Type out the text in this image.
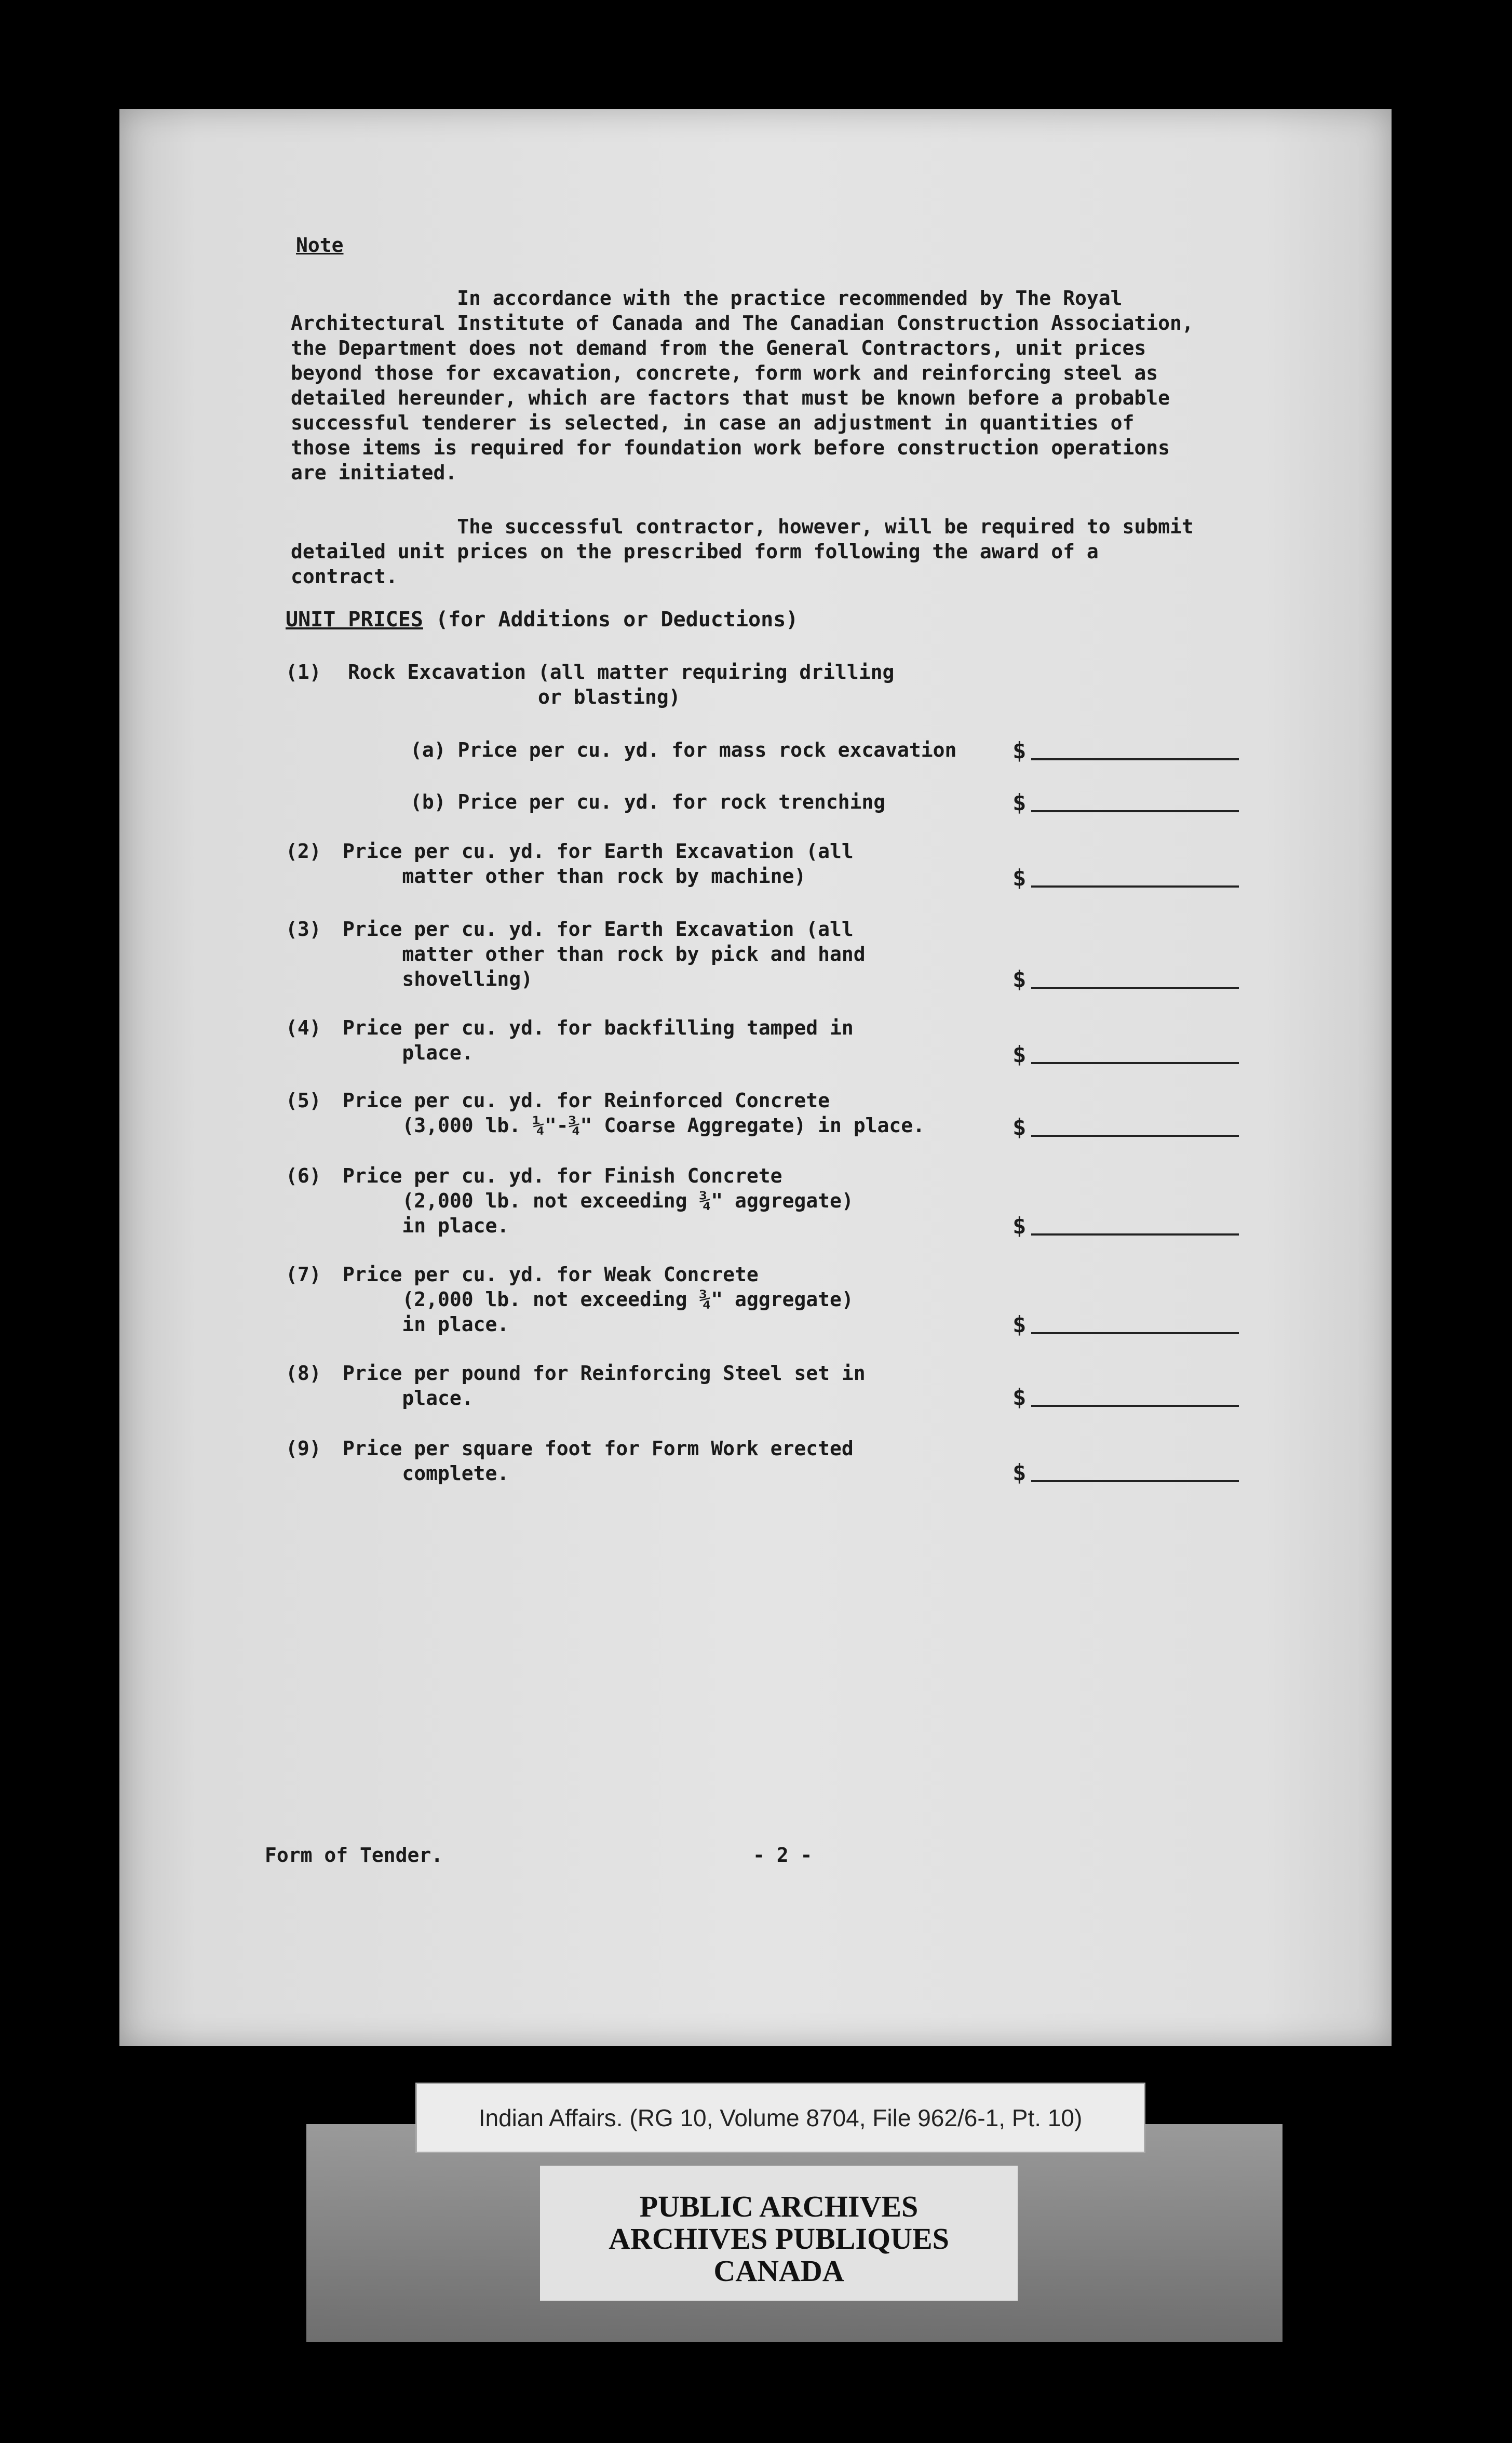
Note

In accordance with the practice recommended by The Royal
Architectural Institute of Canada and The Canadian Construction Association,
the Department does not demand from the General Contractors, unit prices
beyond those for excavation, concrete, form work and reinforcing steel as
detailed hereunder, which are factors that must be known before a probable
successful tenderer is selected, in case an adjustment in quantities of
those items is required for foundation work before construction operations
are initiated.

The successful contractor, however, will be required to submit
detailed unit prices on the prescribed form following the award of a
contract.

UNIT PRICES (for Additions or Deductions)
(1) Rock Excavation (all matter requiring drilling
or blasting)
(a) Price per cu. yd. for mass rock excavation $
(b) Price per cu. yd. for rock trenching	$
(2) Price per cu. yd. for Earth Excavation (all
matter other than rock by machine)	$
(3) Price per cu. yd. for Earth Excavation (all
matter other than rock by pick and hand
shovelling)	$
(4) Price per cu. yd. for backfilling tamped in
place.	$
(5) Price per cu. yd. for Reinforced Concrete
(3,000 lb. ¼"-¾" Coarse Aggregate) in place.	$
(6) Price per cu. yd. for Finish Concrete
(2,000 lb. not exceeding ¾" aggregate)
in place.	$
(7) Price per cu. yd. for Weak Concrete
(2,000 lb. not exceeding ¾" aggregate)
in place.	$
(8) Price per pound for Reinforcing Steel set in
place.	$
(9) Price per square foot for Form Work erected
complete.	$
Form of Tender.	- 2 -
Indian Affairs. (RG 10, Volume 8704, File 962/6-1, Pt. 10)
PUBLIC ARCHIVES
ARCHIVES PUBLIQUES
CANADA
